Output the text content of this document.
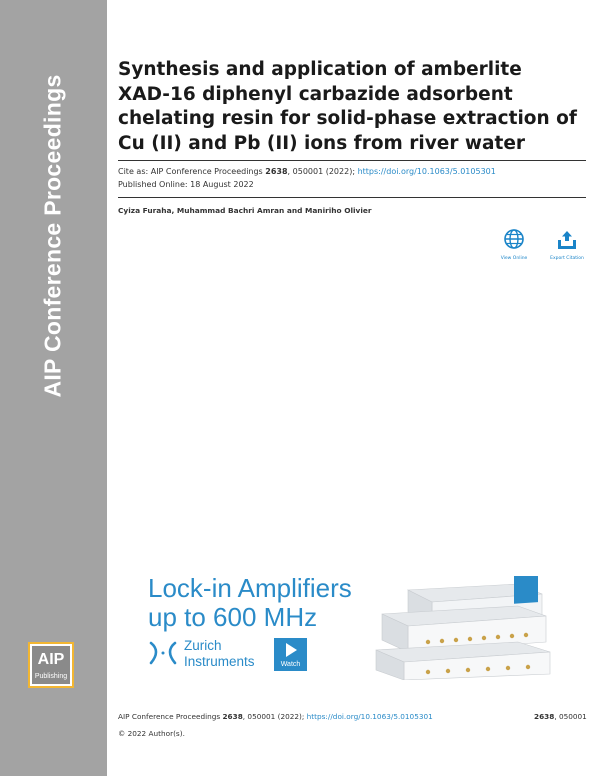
AIP Conference Proceedings
AIP
Publishing
Synthesis and application of amberlite XAD-16 diphenyl carbazide adsorbent chelating resin for solid-phase extraction of Cu (II) and Pb (II) ions from river water
Cite as: AIP Conference Proceedings 2638, 050001 (2022); https://doi.org/10.1063/5.0105301
Published Online: 18 August 2022
Cyiza Furaha, Muhammad Bachri Amran and Maniriho Olivier
View Online	Export Citation
Lock-in Amplifiers
up to 600 MHz
Zurich
Instruments	Watch
AIP Conference Proceedings 2638, 050001 (2022); https://doi.org/10.1063/5.0105301	2638, 050001
© 2022 Author(s).
